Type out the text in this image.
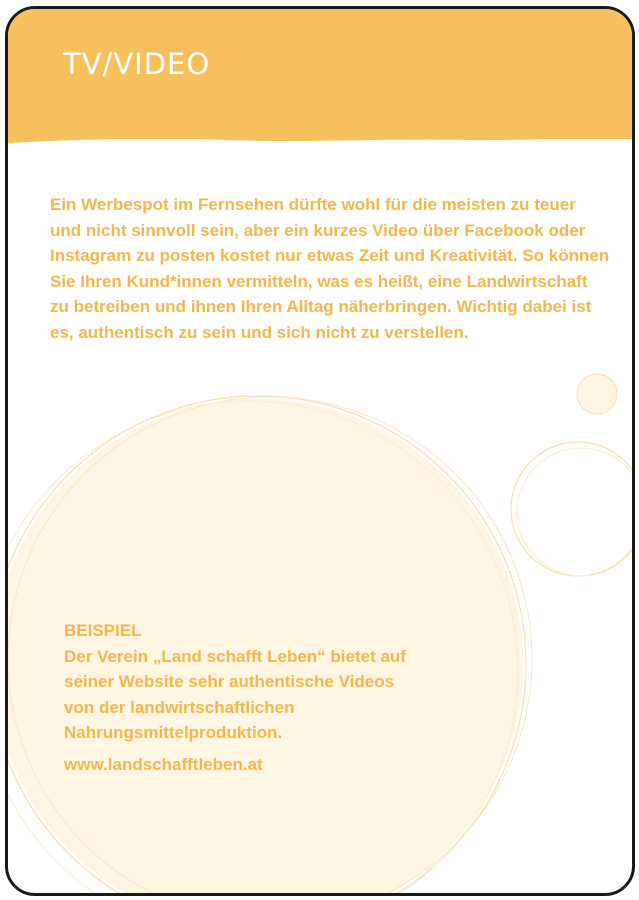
TV/VIDEO

Ein Werbespot im Fernsehen dürfte wohl für die meisten zu teuer und nicht sinnvoll sein, aber ein kurzes Video über Facebook oder Instagram zu posten kostet nur etwas Zeit und Kreativität. So können Sie Ihren Kund*innen vermitteln, was es heißt, eine Landwirtschaft zu betreiben und ihnen Ihren Alltag näherbringen. Wichtig dabei ist es, authentisch zu sein und sich nicht zu verstellen.

BEISPIEL
Der Verein „Land schafft Leben“ bietet auf seiner Website sehr authentische Videos von der landwirtschaftlichen Nahrungsmittelproduktion.
www.landschafftleben.at
